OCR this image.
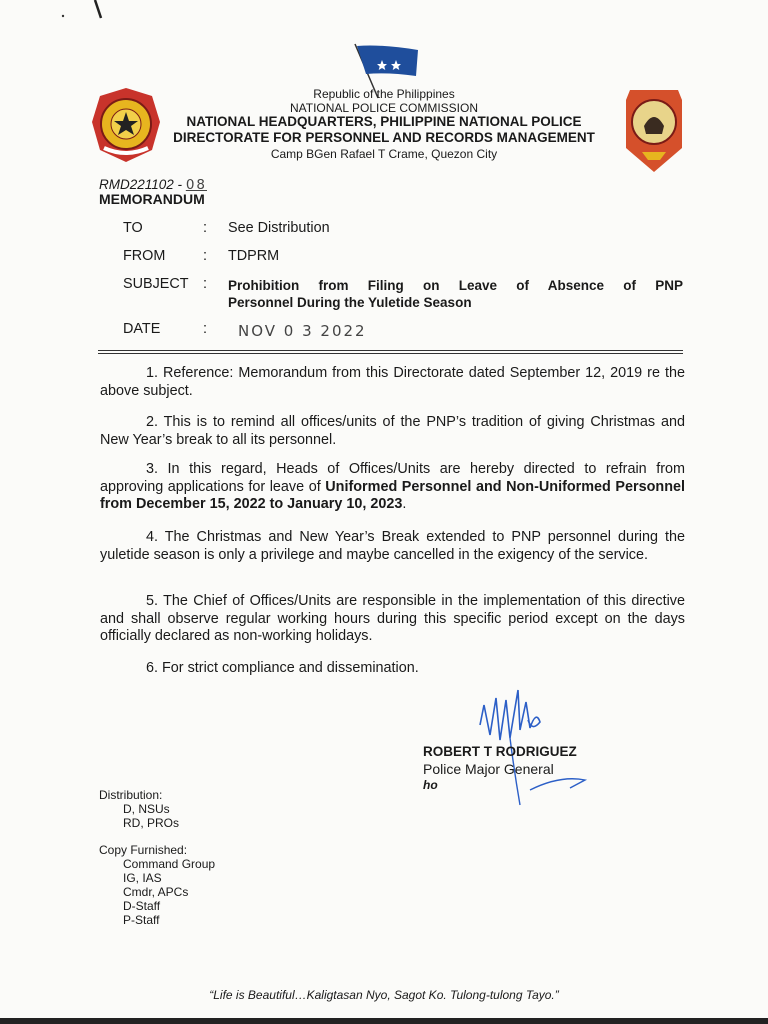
Republic of the Philippines
NATIONAL POLICE COMMISSION
NATIONAL HEADQUARTERS, PHILIPPINE NATIONAL POLICE
DIRECTORATE FOR PERSONNEL AND RECORDS MANAGEMENT
Camp BGen Rafael T Crame, Quezon City
RMD221102 - 08
MEMORANDUM
TO	: See Distribution
FROM	: TDPRM
SUBJECT : Prohibition from Filing on Leave of Absence of PNP
Personnel During the Yuletide Season
DATE	: NOV 0 3 2022
1. Reference: Memorandum from this Directorate dated September 12, 2019 re the above subject.
2. This is to remind all offices/units of the PNP’s tradition of giving Christmas and New Year’s break to all its personnel.
3. In this regard, Heads of Offices/Units are hereby directed to refrain from approving applications for leave of Uniformed Personnel and Non-Uniformed Personnel from December 15, 2022 to January 10, 2023.
4. The Christmas and New Year’s Break extended to PNP personnel during the yuletide season is only a privilege and maybe cancelled in the exigency of the service.
5. The Chief of Offices/Units are responsible in the implementation of this directive and shall observe regular working hours during this specific period except on the days officially declared as non-working holidays.
6. For strict compliance and dissemination.
ROBERT T RODRIGUEZ
Police Major General
ho
Distribution:
D, NSUs
RD, PROs
Copy Furnished:
Command Group
IG, IAS
Cmdr, APCs
D-Staff
P-Staff
“Life is Beautiful…Kaligtasan Nyo, Sagot Ko. Tulong-tulong Tayo.”
